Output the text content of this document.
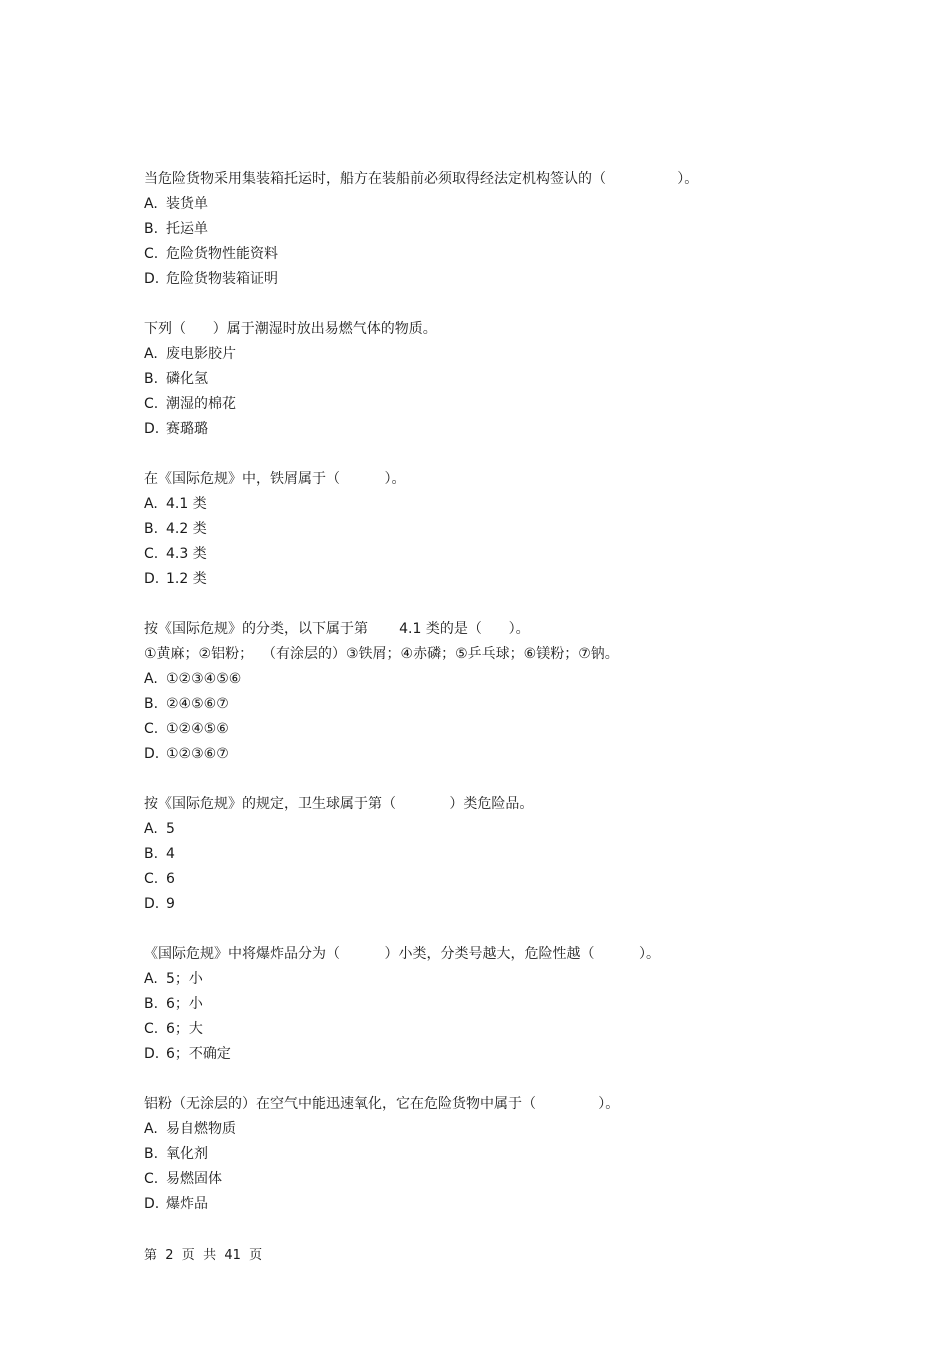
当危险货物采用集装箱托运时，船方在装船前必须取得经法定机构签认的（                ）。
A. 装货单
B. 托运单
C. 危险货物性能资料
D. 危险货物装箱证明
下列（      ）属于潮湿时放出易燃气体的物质。
A. 废电影胶片
B. 磷化氢
C. 潮湿的棉花
D. 赛璐璐
在《国际危规》中，铁屑属于（          ）。
A. 4.1 类
B. 4.2 类
C. 4.3 类
D. 1.2 类
按《国际危规》的分类，以下属于第       4.1 类的是（      ）。
①黄麻；②铝粉；  （有涂层的）③铁屑；④赤磷；⑤乒乓球；⑥镁粉；⑦钠。
A. ①②③④⑤⑥
B. ②④⑤⑥⑦
C. ①②④⑤⑥
D. ①②③⑥⑦
按《国际危规》的规定，卫生球属于第（            ）类危险品。
A. 5
B. 4
C. 6
D. 9
《国际危规》中将爆炸品分为（          ）小类，分类号越大，危险性越（          ）。
A. 5；小
B. 6；小
C. 6；大
D. 6；不确定
铝粉（无涂层的）在空气中能迅速氧化，它在危险货物中属于（              ）。
A. 易自燃物质
B. 氧化剂
C. 易燃固体
D. 爆炸品
第  2  页  共  41  页
